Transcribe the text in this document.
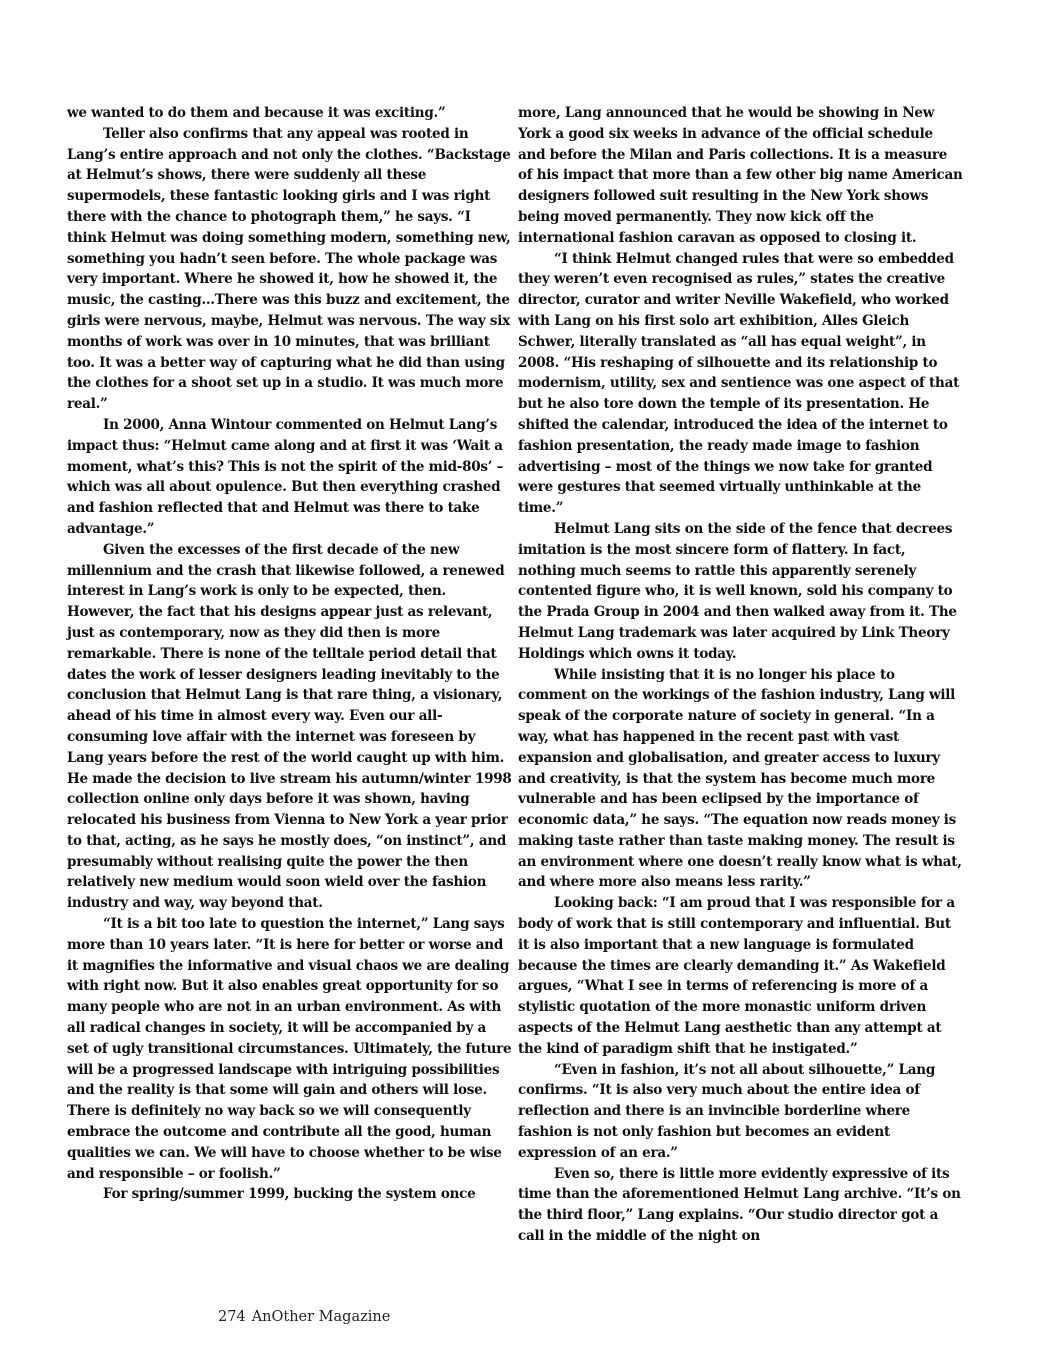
we wanted to do them and because it was exciting.”

Teller also confirms that any appeal was rooted in Lang’s entire approach and not only the clothes. “Backstage at Helmut’s shows, there were suddenly all these supermodels, these fantastic looking girls and I was right there with the chance to photograph them,” he says. “I think Helmut was doing something modern, something new, something you hadn’t seen before. The whole package was very important. Where he showed it, how he showed it, the music, the casting…There was this buzz and excitement, the girls were nervous, maybe, Helmut was nervous. The way six months of work was over in 10 minutes, that was brilliant too. It was a better way of capturing what he did than using the clothes for a shoot set up in a studio. It was much more real.”

In 2000, Anna Wintour commented on Helmut Lang’s impact thus: “Helmut came along and at first it was ‘Wait a moment, what’s this? This is not the spirit of the mid-80s’ – which was all about opulence. But then everything crashed and fashion reflected that and Helmut was there to take advantage.”

Given the excesses of the first decade of the new millennium and the crash that likewise followed, a renewed interest in Lang’s work is only to be expected, then. However, the fact that his designs appear just as relevant, just as contemporary, now as they did then is more remarkable. There is none of the telltale period detail that dates the work of lesser designers leading inevitably to the conclusion that Helmut Lang is that rare thing, a visionary, ahead of his time in almost every way. Even our all-consuming love affair with the internet was foreseen by Lang years before the rest of the world caught up with him. He made the decision to live stream his autumn/winter 1998 collection online only days before it was shown, having relocated his business from Vienna to New York a year prior to that, acting, as he says he mostly does, “on instinct”, and presumably without realising quite the power the then relatively new medium would soon wield over the fashion industry and way, way beyond that.

“It is a bit too late to question the internet,” Lang says more than 10 years later. “It is here for better or worse and it magnifies the informative and visual chaos we are dealing with right now. But it also enables great opportunity for so many people who are not in an urban environment. As with all radical changes in society, it will be accompanied by a set of ugly transitional circumstances. Ultimately, the future will be a progressed landscape with intriguing possibilities and the reality is that some will gain and others will lose. There is definitely no way back so we will consequently embrace the outcome and contribute all the good, human qualities we can. We will have to choose whether to be wise and responsible – or foolish.”

For spring/summer 1999, bucking the system once

more, Lang announced that he would be showing in New York a good six weeks in advance of the official schedule and before the Milan and Paris collections. It is a measure of his impact that more than a few other big name American designers followed suit resulting in the New York shows being moved permanently. They now kick off the international fashion caravan as opposed to closing it.

“I think Helmut changed rules that were so embedded they weren’t even recognised as rules,” states the creative director, curator and writer Neville Wakefield, who worked with Lang on his first solo art exhibition, Alles Gleich Schwer, literally translated as “all has equal weight”, in 2008. “His reshaping of silhouette and its relationship to modernism, utility, sex and sentience was one aspect of that but he also tore down the temple of its presentation. He shifted the calendar, introduced the idea of the internet to fashion presentation, the ready made image to fashion advertising – most of the things we now take for granted were gestures that seemed virtually unthinkable at the time.”

Helmut Lang sits on the side of the fence that decrees imitation is the most sincere form of flattery. In fact, nothing much seems to rattle this apparently serenely contented figure who, it is well known, sold his company to the Prada Group in 2004 and then walked away from it. The Helmut Lang trademark was later acquired by Link Theory Holdings which owns it today.

While insisting that it is no longer his place to comment on the workings of the fashion industry, Lang will speak of the corporate nature of society in general. “In a way, what has happened in the recent past with vast expansion and globalisation, and greater access to luxury and creativity, is that the system has become much more vulnerable and has been eclipsed by the importance of economic data,” he says. “The equation now reads money is making taste rather than taste making money. The result is an environment where one doesn’t really know what is what, and where more also means less rarity.”

Looking back: “I am proud that I was responsible for a body of work that is still contemporary and influential. But it is also important that a new language is formulated because the times are clearly demanding it.” As Wakefield argues, “What I see in terms of referencing is more of a stylistic quotation of the more monastic uniform driven aspects of the Helmut Lang aesthetic than any attempt at the kind of paradigm shift that he instigated.”

“Even in fashion, it’s not all about silhouette,” Lang confirms. “It is also very much about the entire idea of reflection and there is an invincible borderline where fashion is not only fashion but becomes an evident expression of an era.”

Even so, there is little more evidently expressive of its time than the aforementioned Helmut Lang archive. “It’s on the third floor,” Lang explains. “Our studio director got a call in the middle of the night on

274 AnOther Magazine
